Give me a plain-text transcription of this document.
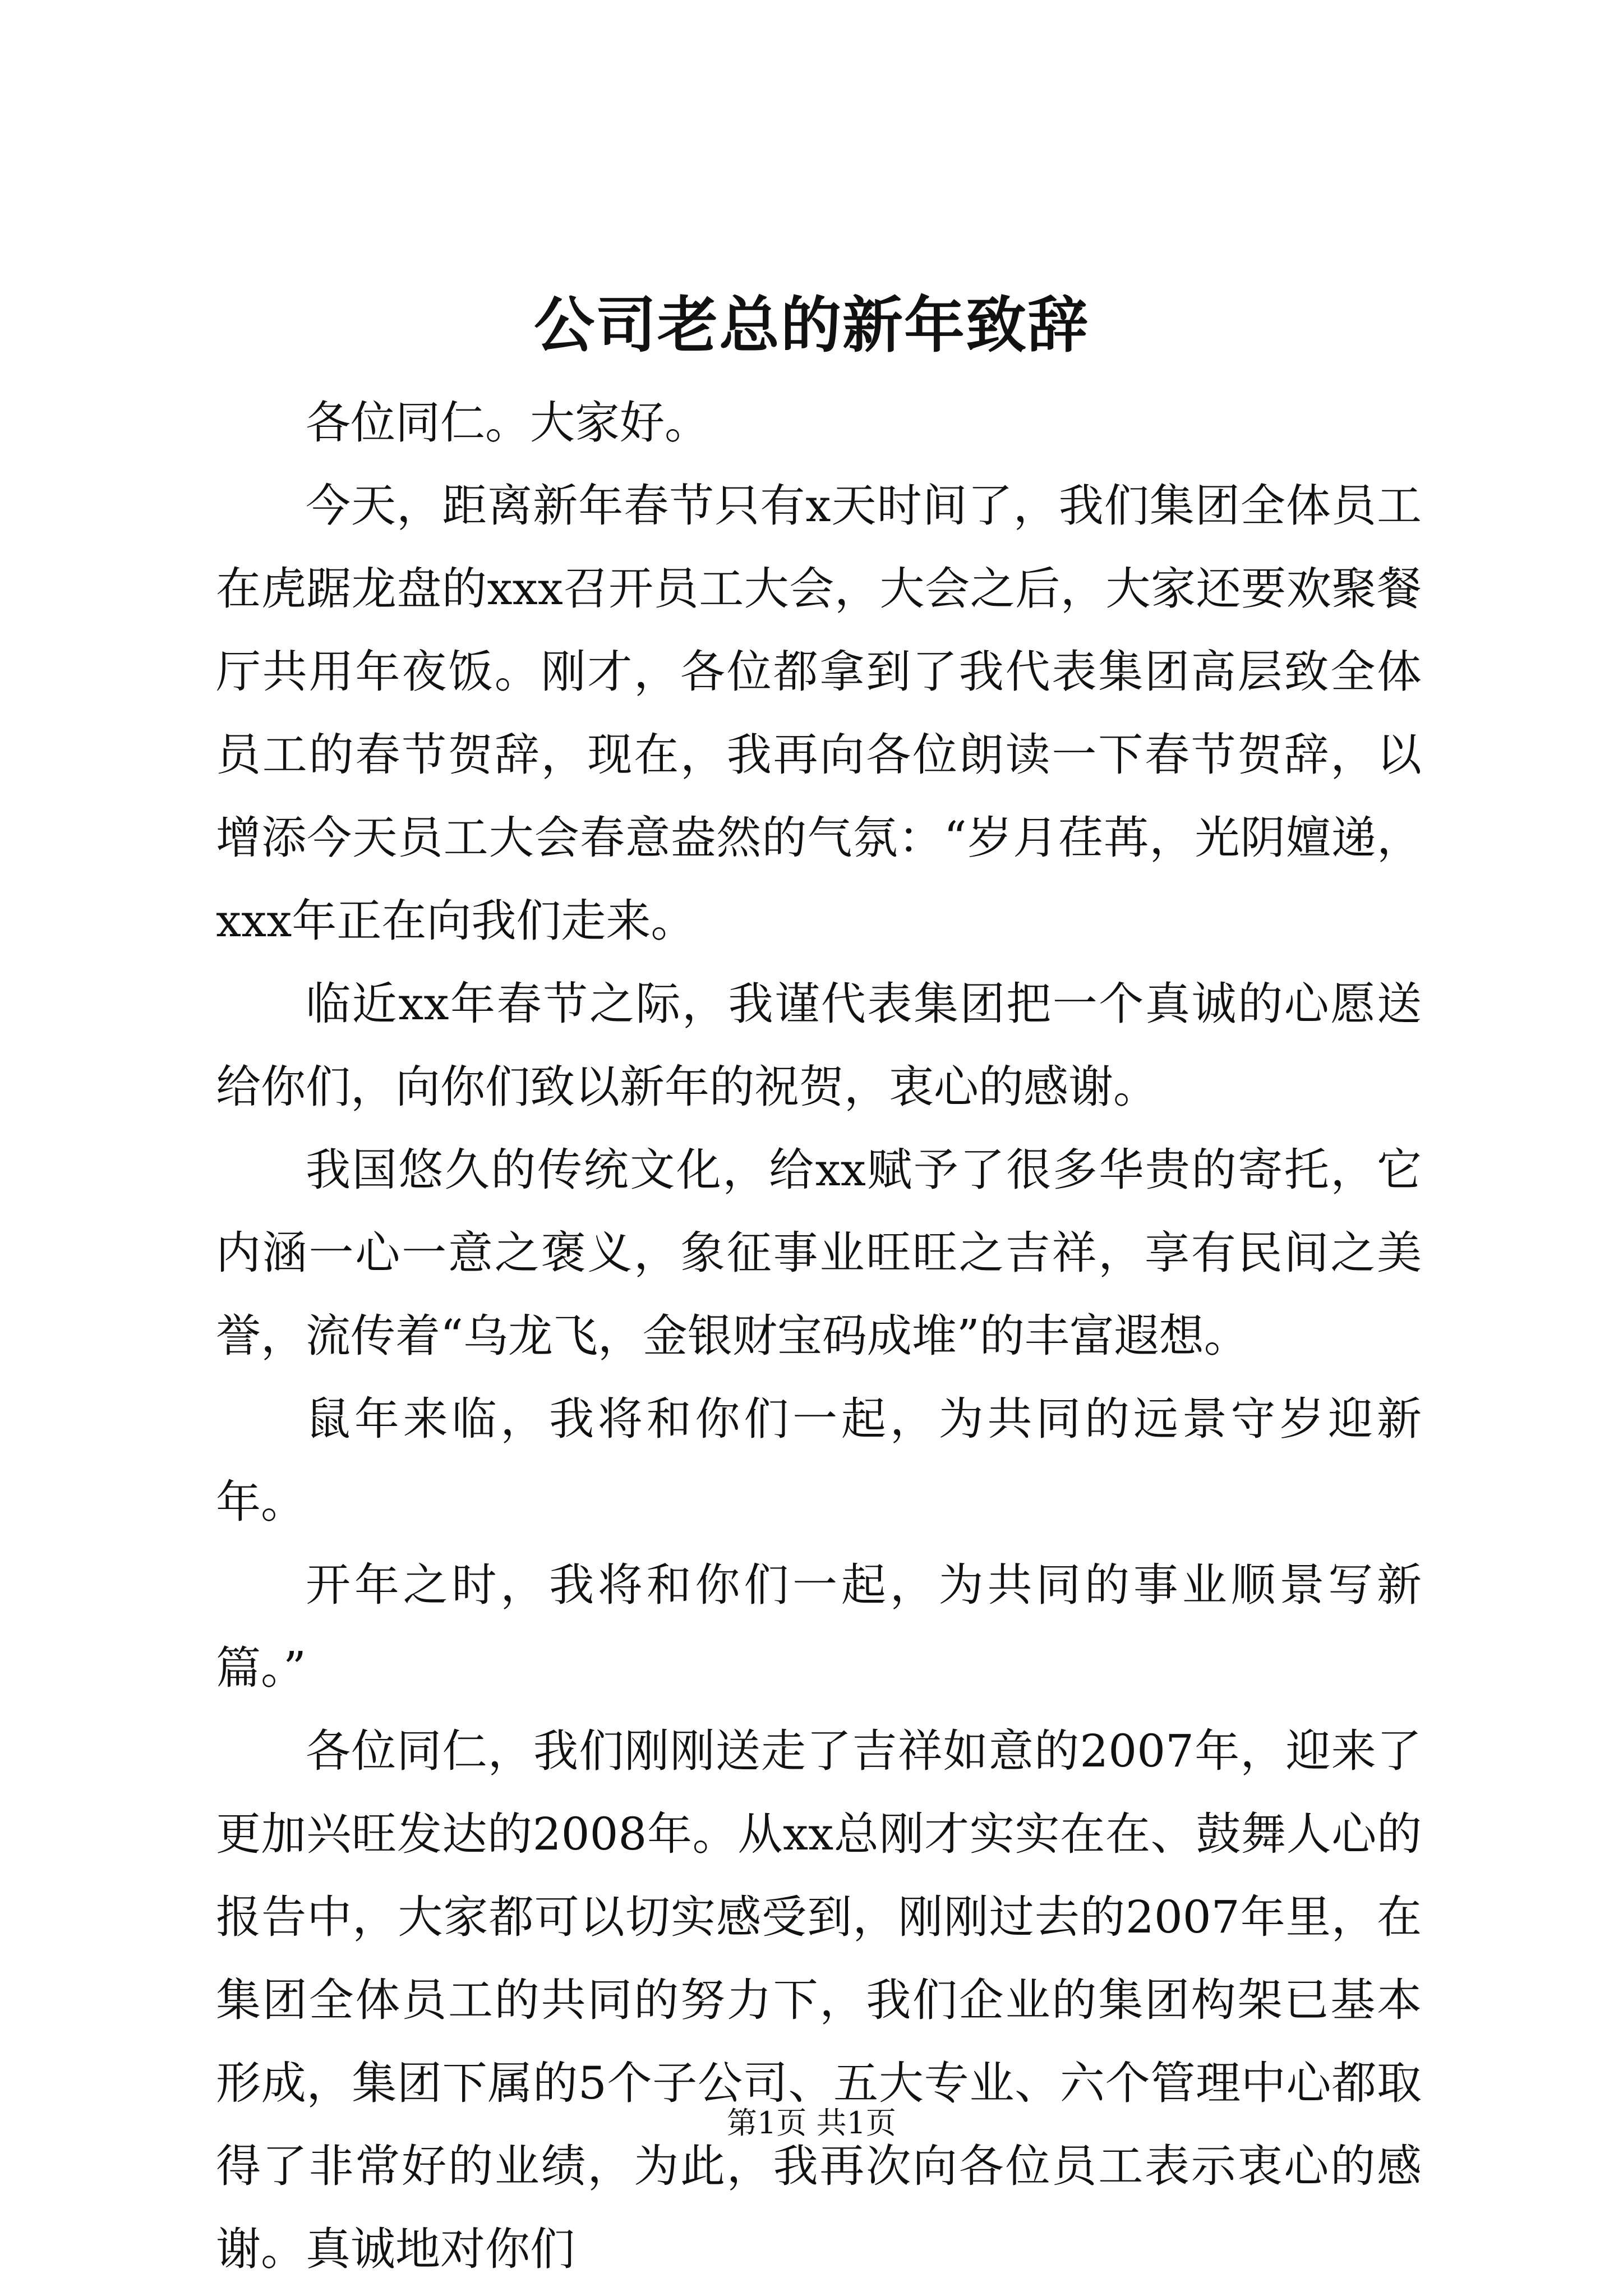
公司老总的新年致辞

各位同仁。大家好。

今天，距离新年春节只有x天时间了，我们集团全体员工在虎踞龙盘的xxx召开员工大会，大会之后，大家还要欢聚餐厅共用年夜饭。刚才，各位都拿到了我代表集团高层致全体员工的春节贺辞，现在，我再向各位朗读一下春节贺辞，以增添今天员工大会春意盎然的气氛：“岁月荏苒，光阴嬗递，xxx年正在向我们走来。

临近xx年春节之际，我谨代表集团把一个真诚的心愿送给你们，向你们致以新年的祝贺，衷心的感谢。

我国悠久的传统文化，给xx赋予了很多华贵的寄托，它内涵一心一意之褒义，象征事业旺旺之吉祥，享有民间之美誉，流传着“乌龙飞，金银财宝码成堆”的丰富遐想。

鼠年来临，我将和你们一起，为共同的远景守岁迎新年。

开年之时，我将和你们一起，为共同的事业顺景写新篇。”

各位同仁，我们刚刚送走了吉祥如意的2007年，迎来了更加兴旺发达的2008年。从xx总刚才实实在在、鼓舞人心的报告中，大家都可以切实感受到，刚刚过去的2007年里，在集团全体员工的共同的努力下，我们企业的集团构架已基本形成，集团下属的5个子公司、五大专业、六个管理中心都取得了非常好的业绩，为此，我再次向各位员工表示衷心的感谢。真诚地对你们

第1页 共1页
